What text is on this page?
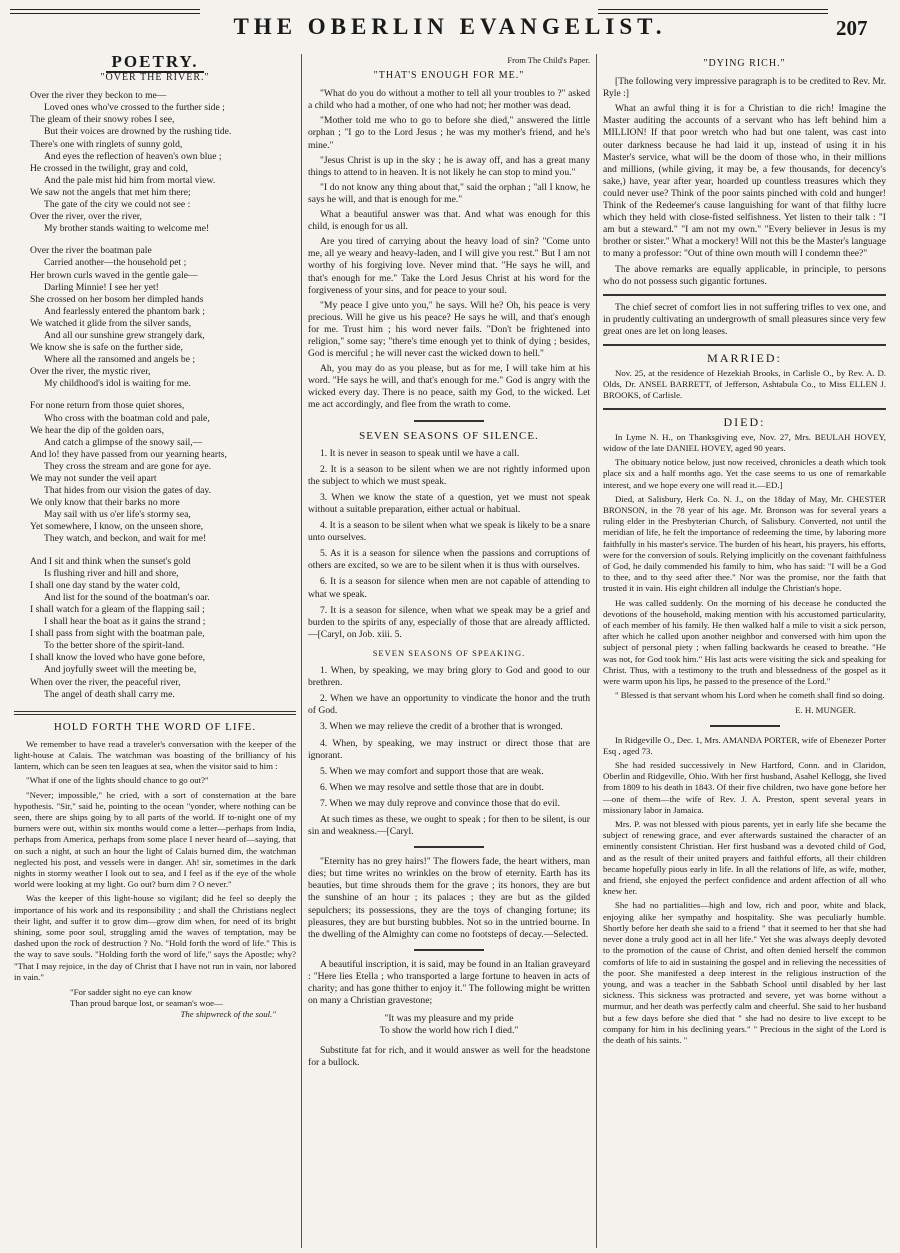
THE OBERLIN EVANGELIST.	207
POETRY.
"OVER THE RIVER."
Over the river they beckon to me—
Loved ones who've crossed to the further side ;
The gleam of their snowy robes I see,
But their voices are drowned by the rushing tide.
There's one with ringlets of sunny gold,
And eyes the reflection of heaven's own blue ;
He crossed in the twilight, gray and cold,
And the pale mist hid him from mortal view.
We saw not the angels that met him there;
The gate of the city we could not see :
Over the river, over the river,
My brother stands waiting to welcome me!
Over the river the boatman pale
Carried another—the household pet ;
Her brown curls waved in the gentle gale—
Darling Minnie! I see her yet!
She crossed on her bosom her dimpled hands
And fearlessly entered the phantom bark ;
We watched it glide from the silver sands,
And all our sunshine grew strangely dark,
We know she is safe on the further side,
Where all the ransomed and angels be ;
Over the river, the mystic river,
My childhood's idol is waiting for me.
For none return from those quiet shores,
Who cross with the boatman cold and pale,
We hear the dip of the golden oars,
And catch a glimpse of the snowy sail,—
And lo! they have passed from our yearning hearts,
They cross the stream and are gone for aye.
We may not sunder the veil apart
That hides from our vision the gates of day.
We only know that their barks no more
May sail with us o'er life's stormy sea,
Yet somewhere, I know, on the unseen shore,
They watch, and beckon, and wait for me!
And I sit and think when the sunset's gold
Is flushing river and hill and shore,
I shall one day stand by the water cold,
And list for the sound of the boatman's oar.
I shall watch for a gleam of the flapping sail ;
I shall hear the boat as it gains the strand ;
I shall pass from sight with the boatman pale,
To the better shore of the spirit-land.
I shall know the loved who have gone before,
And joyfully sweet will the meeting be,
When over the river, the peaceful river,
The angel of death shall carry me.
HOLD FORTH THE WORD OF LIFE.

We remember to have read a traveler's conversation with the keeper of the light-house at Calais. The watchman was boasting of the brilliancy of his lantern, which can be seen ten leagues at sea, when the visitor said to him :

"What if one of the lights should chance to go out?"

"Never; impossible," he cried, with a sort of consternation at the bare hypothesis. "Sir," said he, pointing to the ocean "yonder, where nothing can be seen, there are ships going by to all parts of the world. If to-night one of my burners were out, within six months would come a letter—perhaps from India, perhaps from America, perhaps from some place I never heard of—saying, that on such a night, at such an hour the light of Calais burned dim, the watchman neglected his post, and vessels were in danger. Ah! sir, sometimes in the dark nights in stormy weather I look out to sea, and I feel as if the eye of the whole world were looking at my light. Go out? burn dim ? O never."

Was the keeper of this light-house so vigilant; did he feel so deeply the importance of his work and its responsibility ; and shall the Christians neglect their light, and suffer it to grow dim—grow dim when, for need of its bright shining, some poor soul, struggling amid the waves of temptation, may be dashed upon the rock of destruction ? No. "Hold forth the word of life." This is the way to save souls. "Holding forth the word of life," says the Apostle; why? "That I may rejoice, in the day of Christ that I have not run in vain, nor labored in vain."

"For sadder sight no eye can know
Than proud barque lost, or seaman's woe—
The shipwreck of the soul."
From The Child's Paper.
"THAT'S ENOUGH FOR ME."

"What do you do without a mother to tell all your troubles to ?" asked a child who had a mother, of one who had not; her mother was dead.

"Mother told me who to go to before she died," answered the little orphan ; "I go to the Lord Jesus ; he was my mother's friend, and he's mine."

"Jesus Christ is up in the sky ; he is away off, and has a great many things to attend to in heaven. It is not likely he can stop to mind you."

"I do not know any thing about that," said the orphan ; "all I know, he says he will, and that is enough for me."

What a beautiful answer was that. And what was enough for this child, is enough for us all.

Are you tired of carrying about the heavy load of sin? "Come unto me, all ye weary and heavy-laden, and I will give you rest." But I am not worthy of his forgiving love. Never mind that. "He says he will, and that's enough for me." Take the Lord Jesus Christ at his word for the forgiveness of your sins, and for peace to your soul.

"My peace I give unto you," he says. Will he? Oh, his peace is very precious. Will he give us his peace? He says he will, and that's enough for me. Trust him ; his word never fails. "Don't be frightened into religion," some say; "there's time enough yet to think of dying ; besides, God is merciful ; he will never cast the wicked down to hell."

Ah, you may do as you please, but as for me, I will take him at his word. "He says he will, and that's enough for me." God is angry with the wicked every day. There is no peace, saith my God, to the wicked. Let me act accordingly, and flee from the wrath to come.

SEVEN SEASONS OF SILENCE.

1. It is never in season to speak until we have a call.

2. It is a season to be silent when we are not rightly informed upon the subject to which we must speak.

3. When we know the state of a question, yet we must not speak without a suitable preparation, either actual or habitual.

4. It is a season to be silent when what we speak is likely to be a snare unto ourselves.

5. As it is a season for silence when the passions and corruptions of others are excited, so we are to be silent when it is thus with ourselves.

6. It is a season for silence when men are not capable of attending to what we speak.

7. It is a season for silence, when what we speak may be a grief and burden to the spirits of any, especially of those that are already afflicted.—[Caryl, on Job. xiii. 5.

SEVEN SEASONS OF SPEAKING.

1. When, by speaking, we may bring glory to God and good to our brethren.

2. When we have an opportunity to vindicate the honor and the truth of God.

3. When we may relieve the credit of a brother that is wronged.

4. When, by speaking, we may instruct or direct those that are ignorant.

5. When we may comfort and support those that are weak.

6. When we may resolve and settle those that are in doubt.

7. When we may duly reprove and convince those that do evil.

At such times as these, we ought to speak ; for then to be silent, is our sin and weakness.—[Caryl.

"Eternity has no grey hairs!" The flowers fade, the heart withers, man dies; but time writes no wrinkles on the brow of eternity. Earth has its beauties, but time shrouds them for the grave ; its honors, they are but the sunshine of an hour ; its palaces ; they are but as the gilded sepulchers; its possessions, they are the toys of changing fortune; its pleasures, they are but bursting bubbles. Not so in the untried bourne. In the dwelling of the Almighty can come no footsteps of decay.—Selected.

A beautiful inscription, it is said, may be found in an Italian graveyard : "Here lies Etella ; who transported a large fortune to heaven in acts of charity; and has gone thither to enjoy it." The following might be written on many a Christian gravestone;

"It was my pleasure and my pride
To show the world how rich I died."

Substitute fat for rich, and it would answer as well for the headstone for a bullock.

"DYING RICH."

[The following very impressive paragraph is to be credited to Rev. Mr. Ryle :]

What an awful thing it is for a Christian to die rich! Imagine the Master auditing the accounts of a servant who has left behind him a MILLION! If that poor wretch who had but one talent, was cast into outer darkness because he had laid it up, instead of using it in his Master's service, what will be the doom of those who, in their millions and millions, (while giving, it may be, a few thousands, for decency's sake,) have, year after year, hoarded up countless treasures which they could never use? Think of the poor saints pinched with cold and hunger! Think of the Redeemer's cause languishing for want of that filthy lucre which they held with close-fisted selfishness. Yet listen to their talk : "I am but a steward." "I am not my own." "Every believer in Jesus is my brother or sister." What a mockery! Will not this be the Master's language to many a professor: "Out of thine own mouth will I condemn thee?"

The above remarks are equally applicable, in principle, to persons who do not possess such gigantic fortunes.

The chief secret of comfort lies in not suffering trifles to vex one, and in prudently cultivating an undergrowth of small pleasures since very few great ones are let on long leases.

MARRIED:

Nov. 25, at the residence of Hezekiah Brooks, in Carlisle O., by Rev. A. D. Olds, Dr. ANSEL BARRETT, of Jefferson, Ashtabula Co., to Miss ELLEN J. BROOKS, of Carlisle.

DIED:

In Lyme N. H., on Thanksgiving eve, Nov. 27, Mrs. BEULAH HOVEY, widow of the late DANIEL HOVEY, aged 90 years.

The obituary notice below, just now received, chronicles a death which took place six and a half months ago. Yet the case seems to us one of remarkable interest, and we hope every one will read it.—ED.]

Died, at Salisbury, Herk Co. N. J., on the 18day of May, Mr. CHESTER BRONSON, in the 78 year of his age. Mr. Bronson was for several years a ruling elder in the Presbyterian Church, of Salisbury. Converted, not until the meridian of life, he felt the importance of redeeming the time, by laboring more faithfully in his master's service. The burden of his heart, his prayers, his efforts, were for the conversion of souls. Relying implicitly on the covenant faithfulness of God, he daily commended his family to him, who has said: "I will be a God to thee, and to thy seed after thee." Nor was the promise, nor the faith that trusted it in vain. His eight children all indulge the Christian's hope.

He was called suddenly. On the morning of his decease he conducted the devotions of the household, making mention with his accustomed particularity, of each member of his family. He then walked half a mile to visit a sick person, after which he called upon another neighbor and conversed with him upon the subject of personal piety ; when falling backwards he ceased to breathe. "He was not, for God took him." His last acts were visiting the sick and speaking for Christ. Thus, with a testimony to the truth and blessedness of the gospel as it were warm upon his lips, he passed to the presence of the Lord."

" Blessed is that servant whom his Lord when he cometh shall find so doing.

E. H. MUNGER.

In Ridgeville O., Dec. 1, Mrs. AMANDA PORTER, wife of Ebenezer Porter Esq , aged 73.

She had resided successively in New Hartford, Conn. and in Claridon, Oberlin and Ridgeville, Ohio. With her first husband, Asahel Kellogg, she lived from 1809 to his death in 1843. Of their five children, two have gone before her—one of them—the wife of Rev. J. A. Preston, spent several years in missionary labor in Jamaica.

Mrs. P. was not blessed with pious parents, yet in early life she became the subject of renewing grace, and ever afterwards sustained the character of an eminently consistent Christian. Her first husband was a devoted child of God, and as the result of their united prayers and faithful efforts, all their children became hopefully pious early in life. In all the relations of life, as wife, mother, and friend, she enjoyed the perfect confidence and ardent affection of all who knew her.

She had no partialities—high and low, rich and poor, white and black, enjoying alike her sympathy and hospitality. She was peculiarly humble. Shortly before her death she said to a friend " that it seemed to her that she had never done a truly good act in all her life." Yet she was always deeply devoted to the promotion of the cause of Christ, and often denied herself the common comforts of life to aid in sustaining the gospel and in relieving the necessities of the poor. She manifested a deep interest in the religious instruction of the young, and was a teacher in the Sabbath School until disabled by her last sickness. This sickness was protracted and severe, yet was borne without a murmur, and her death was perfectly calm and cheerful. She said to her husband but a few days before she died that " she had no desire to live except to be company for him in his declining years." " Precious in the sight of the Lord is the death of his saints. "
